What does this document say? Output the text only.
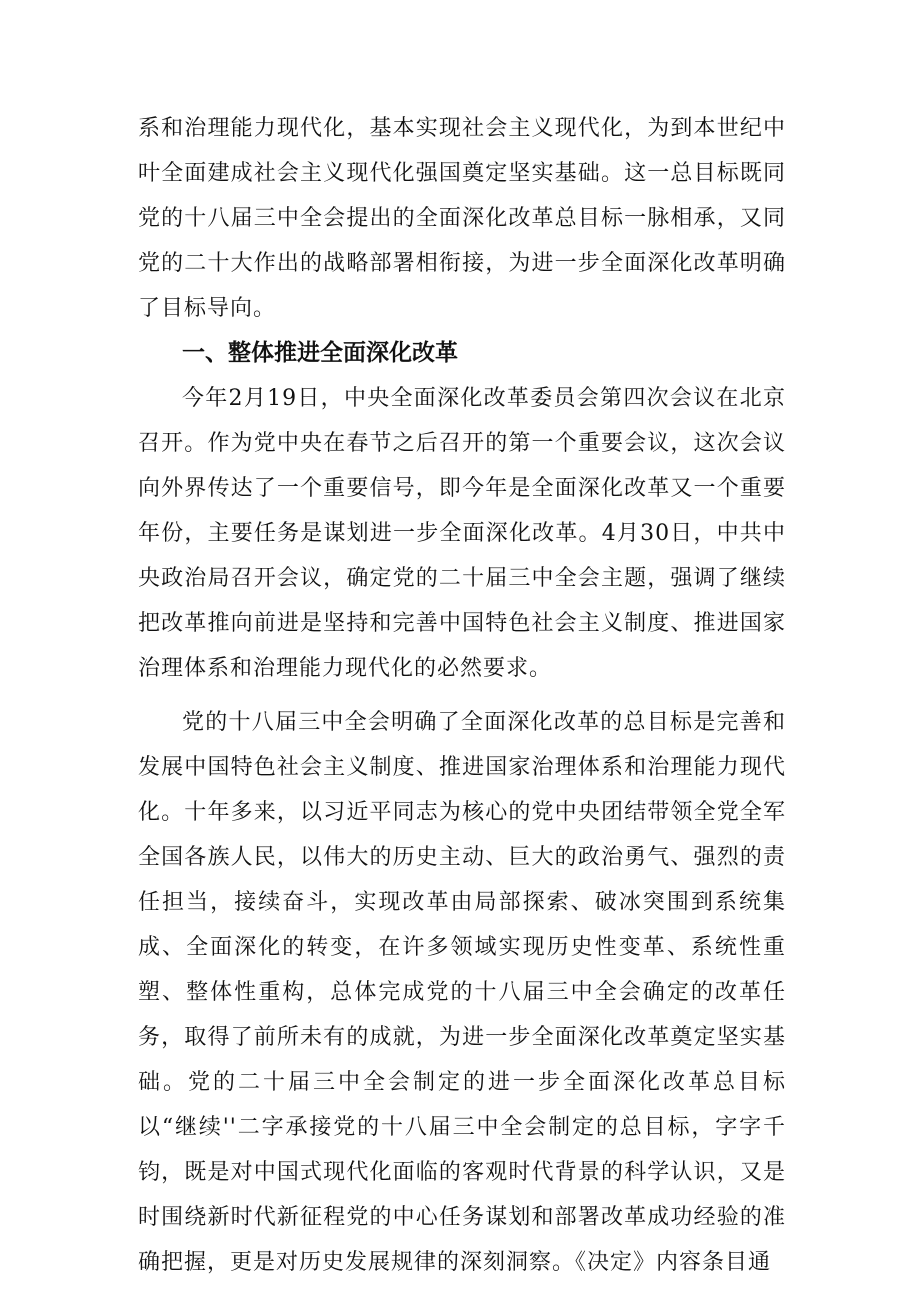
系和治理能力现代化，基本实现社会主义现代化，为到本世纪中叶全面建成社会主义现代化强国奠定坚实基础。这一总目标既同党的十八届三中全会提出的全面深化改革总目标一脉相承，又同党的二十大作出的战略部署相衔接，为进一步全面深化改革明确了目标导向。

一、整体推进全面深化改革

今年2月19日，中央全面深化改革委员会第四次会议在北京召开。作为党中央在春节之后召开的第一个重要会议，这次会议向外界传达了一个重要信号，即今年是全面深化改革又一个重要年份，主要任务是谋划进一步全面深化改革。4月30日，中共中央政治局召开会议，确定党的二十届三中全会主题，强调了继续把改革推向前进是坚持和完善中国特色社会主义制度、推进国家治理体系和治理能力现代化的必然要求。

党的十八届三中全会明确了全面深化改革的总目标是完善和发展中国特色社会主义制度、推进国家治理体系和治理能力现代化。十年多来，以习近平同志为核心的党中央团结带领全党全军全国各族人民，以伟大的历史主动、巨大的政治勇气、强烈的责任担当，接续奋斗，实现改革由局部探索、破冰突围到系统集成、全面深化的转变，在许多领域实现历史性变革、系统性重塑、整体性重构，总体完成党的十八届三中全会确定的改革任务，取得了前所未有的成就，为进一步全面深化改革奠定坚实基础。党的二十届三中全会制定的进一步全面深化改革总目标以“继续''二字承接党的十八届三中全会制定的总目标，字字千钧，既是对中国式现代化面临的客观时代背景的科学认识，又是时围绕新时代新征程党的中心任务谋划和部署改革成功经验的准确把握，更是对历史发展规律的深刻洞察。《决定》内容条目通
